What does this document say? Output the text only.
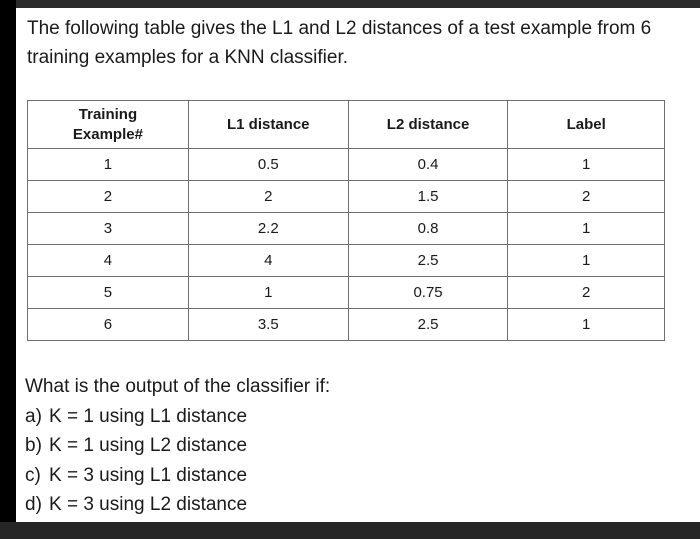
The following table gives the L1 and L2 distances of a test example from 6 training examples for a KNN classifier.

Training
Example#	L1 distance	L2 distance	Label
1	0.5	0.4	1
2	2	1.5	2
3	2.2	0.8	1
4	4	2.5	1
5	1	0.75	2
6	3.5	2.5	1
What is the output of the classifier if:
a) K = 1 using L1 distance
b) K = 1 using L2 distance
c) K = 3 using L1 distance
d) K = 3 using L2 distance
